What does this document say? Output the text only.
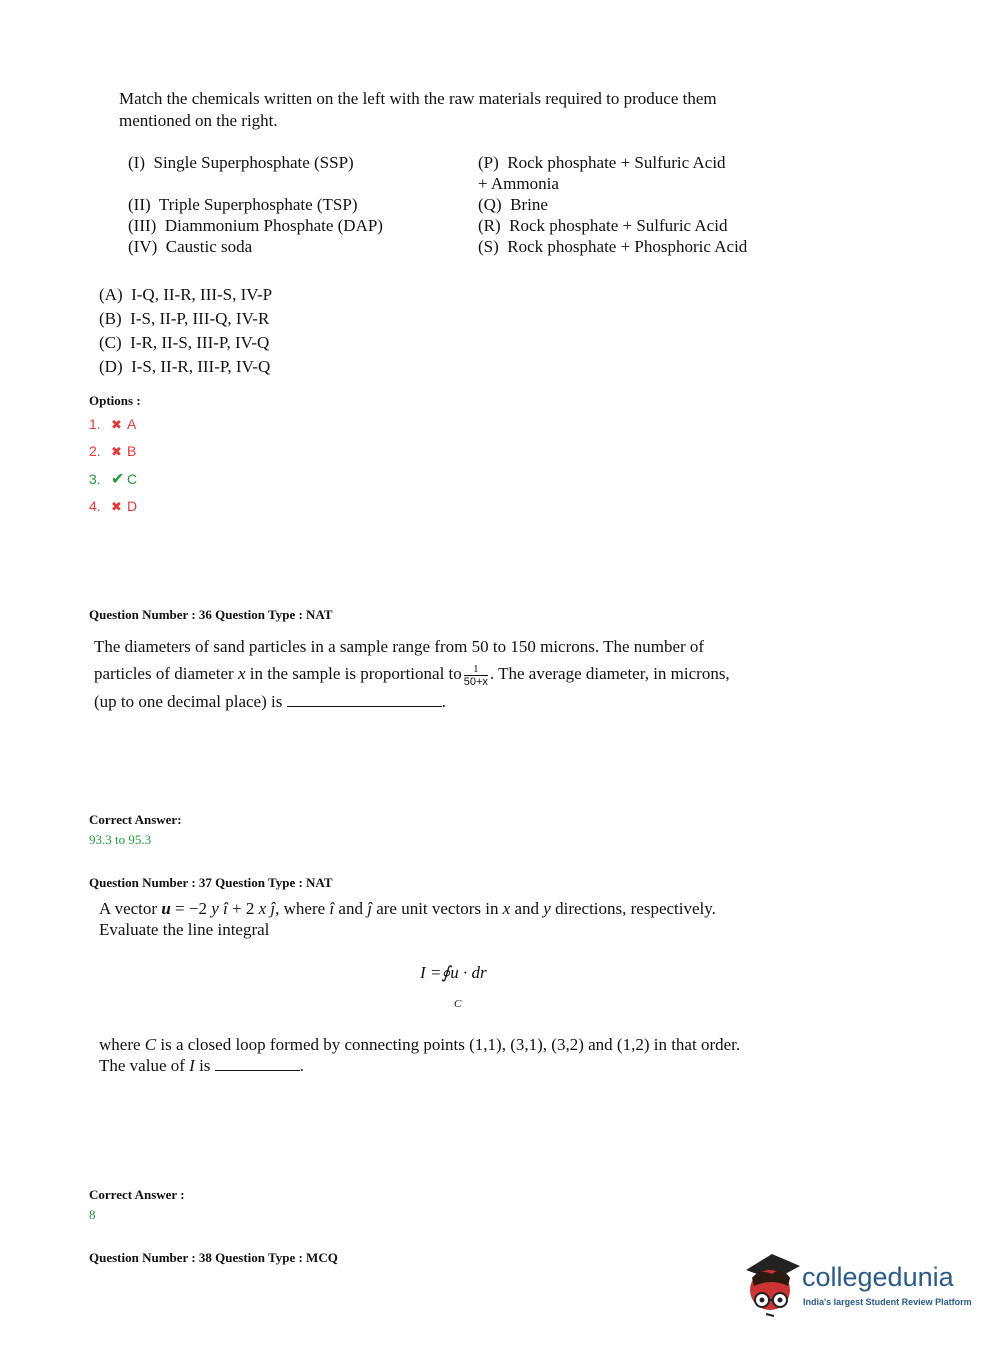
Match the chemicals written on the left with the raw materials required to produce them
mentioned on the right.
(I) Single Superphosphate (SSP)
(II) Triple Superphosphate (TSP)
(III) Diammonium Phosphate (DAP)
(IV) Caustic soda
(P) Rock phosphate + Sulfuric Acid
+ Ammonia
(Q) Brine
(R) Rock phosphate + Sulfuric Acid
(S) Rock phosphate + Phosphoric Acid
(A) I-Q, II-R, III-S, IV-P
(B) I-S, II-P, III-Q, IV-R
(C) I-R, II-S, III-P, IV-Q
(D) I-S, II-R, III-P, IV-Q
Options :
1. ✖ A
2. ✖ B
3. ✔ C
4. ✖ D
Question Number : 36 Question Type : NAT
The diameters of sand particles in a sample range from 50 to 150 microns. The number of
particles of diameter x in the sample is proportional to $\frac{1}{50+x}$ . The average diameter, in microns,
(up to one decimal place) is	.
Correct Answer:
93.3 to 95.3
Question Number : 37 Question Type : NAT
A vector u = −2 y î + 2 x ĵ, where î and ĵ are unit vectors in x and y directions, respectively.
Evaluate the line integral
I =∮u · dr
C
where C is a closed loop formed by connecting points (1,1), (3,1), (3,2) and (1,2) in that order.
The value of I is	.
Correct Answer :
8
Question Number : 38 Question Type : MCQ
collegedunia
India's largest Student Review Platform
